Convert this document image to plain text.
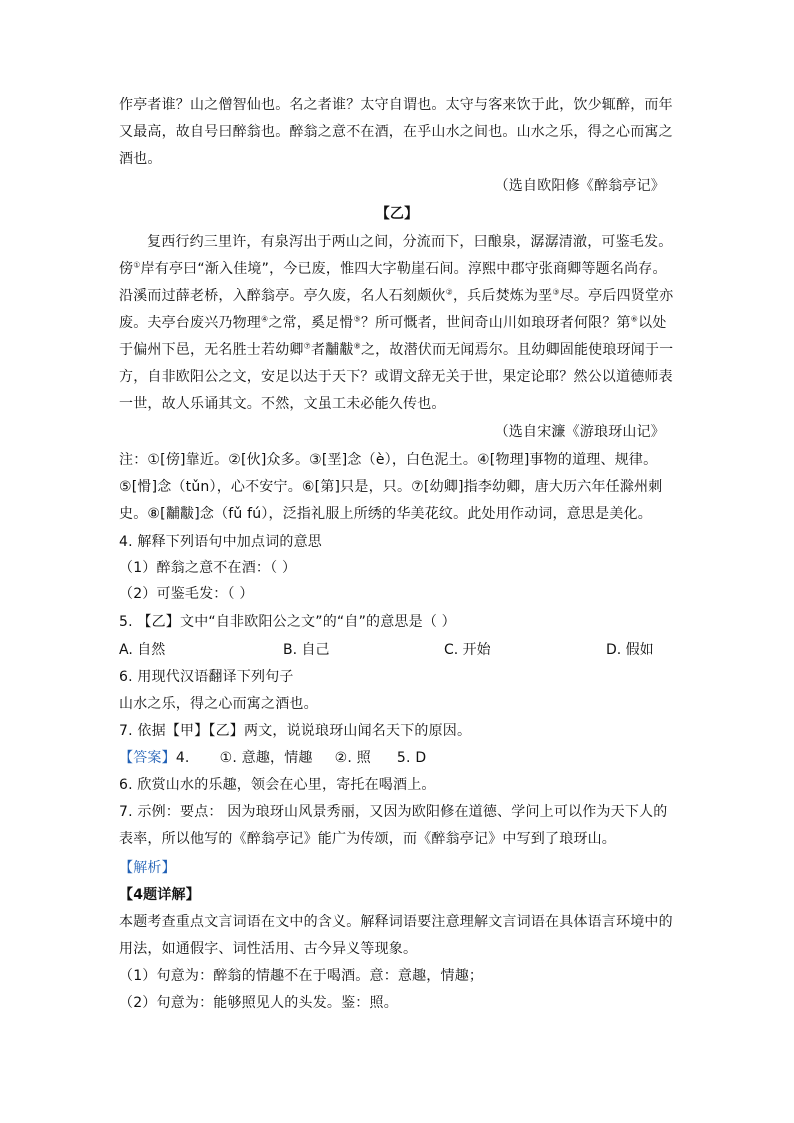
作亭者谁？山之僧智仙也。名之者谁？太守自谓也。太守与客来饮于此，饮少辄醉，而年
又最高，故自号曰醉翁也。醉翁之意不在酒，在乎山水之间也。山水之乐，得之心而寓之
酒也。
（选自欧阳修《醉翁亭记》
【乙】
复西行约三里许，有泉泻出于两山之间，分流而下，曰酿泉，潺潺清澈，可鉴毛发。
傍①岸有亭曰“渐入佳境”，今已废，惟四大字勒崖石间。淳熙中郡守张商卿等题名尚存。
沿溪而过薛老桥，入醉翁亭。亭久废，名人石刻颇伙②，兵后焚炼为垩③尽。亭后四贤堂亦
废。夫亭台废兴乃物理④之常，奚足愲⑤？所可慨者，世间奇山川如琅玡者何限？第⑥以处
于偏州下邑，无名胜士若幼卿⑦者黼黻⑧之，故潜伏而无闻焉尔。且幼卿固能使琅玡闻于一
方，自非欧阳公之文，安足以达于天下？或谓文辞无关于世，果定论耶？然公以道德师表
一世，故人乐诵其文。不然，文虽工未必能久传也。
（选自宋濂《游琅玡山记》
注：①[傍]靠近。②[伙]众多。③[垩]念（è），白色泥土。④[物理]事物的道理、规律。
⑤[愲]念（tǔn），心不安宁。⑥[第]只是，只。⑦[幼卿]指李幼卿，唐大历六年任滁州刺
史。⑧[黼黻]念（fǔ fú），泛指礼服上所绣的华美花纹。此处用作动词，意思是美化。
4. 解释下列语句中加点词的意思
（1）醉翁之意不在酒：（ ）
（2）可鉴毛发：（ ）
5. 【乙】文中“自非欧阳公之文”的“自”的意思是（ ）
A. 自然	B. 自己	C. 开始	D. 假如
6. 用现代汉语翻译下列句子
山水之乐，得之心而寓之酒也。
7. 依据【甲】【乙】两文，说说琅玡山闻名天下的原因。
【答案】4. ①. 意趣，情趣 ②. 照 5. D
6. 欣赏山水的乐趣，领会在心里，寄托在喝酒上。
7. 示例：要点： 因为琅玡山风景秀丽，又因为欧阳修在道德、学问上可以作为天下人的
表率，所以他写的《醉翁亭记》能广为传颂，而《醉翁亭记》中写到了琅玡山。
【解析】
【4题详解】
本题考查重点文言词语在文中的含义。解释词语要注意理解文言词语在具体语言环境中的
用法，如通假字、词性活用、古今异义等现象。
（1）句意为：醉翁的情趣不在于喝酒。意：意趣，情趣；
（2）句意为：能够照见人的头发。鉴：照。
